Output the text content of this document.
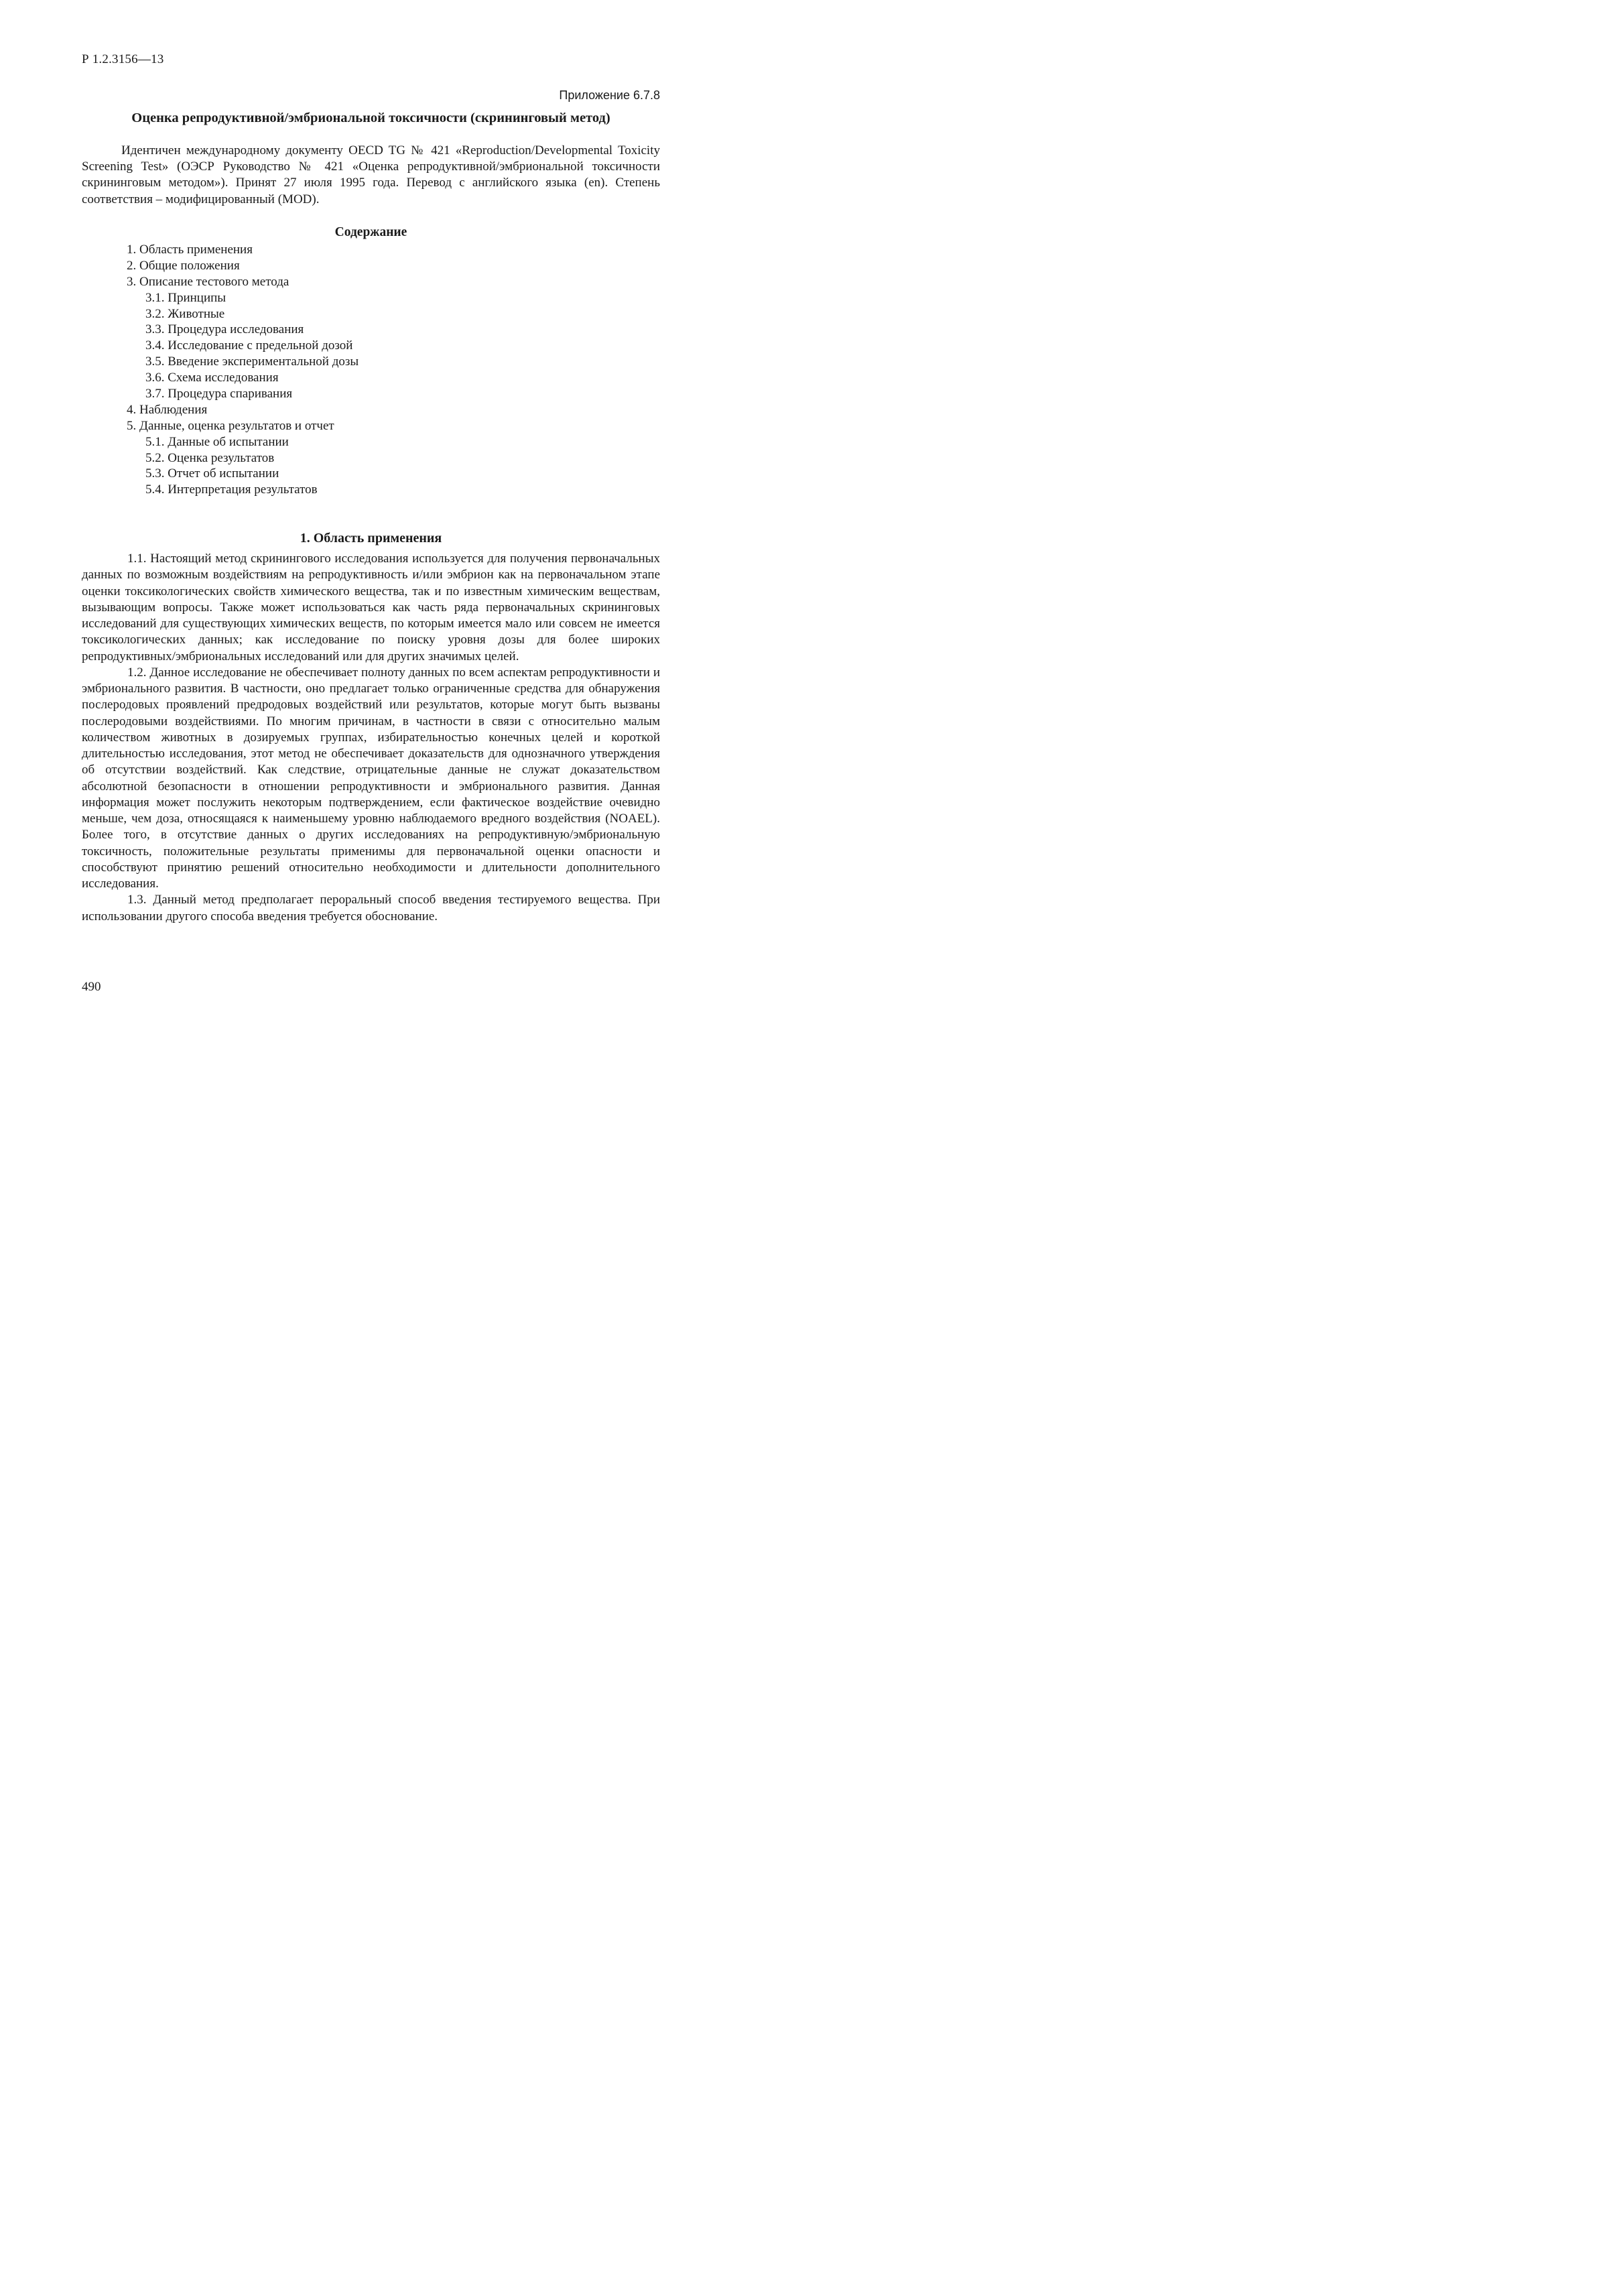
Р 1.2.3156—13
Приложение 6.7.8
Оценка репродуктивной/эмбриональной токсичности (скрининговый метод)

Идентичен международному документу OECD TG № 421 «Reproduction/Developmental Toxicity Screening Test» (ОЭСР Руководство № 421 «Оценка репродуктивной/эмбриональной токсичности скрининговым методом»). Принят 27 июля 1995 года. Перевод с английского языка (en). Степень соответствия – модифицированный (MOD).

Содержание
1. Область применения
2. Общие положения
3. Описание тестового метода
3.1. Принципы
3.2. Животные
3.3. Процедура исследования
3.4. Исследование с предельной дозой
3.5. Введение экспериментальной дозы
3.6. Схема исследования
3.7. Процедура спаривания
4. Наблюдения
5. Данные, оценка результатов и отчет
5.1. Данные об испытании
5.2. Оценка результатов
5.3. Отчет об испытании
5.4. Интерпретация результатов
1. Область применения

1.1. Настоящий метод скринингового исследования используется для получения первоначальных данных по возможным воздействиям на репродуктивность и/или эмбрион как на первоначальном этапе оценки токсикологических свойств химического вещества, так и по известным химическим веществам, вызывающим вопросы. Также может использоваться как часть ряда первоначальных скрининговых исследований для существующих химических веществ, по которым имеется мало или совсем не имеется токсикологических данных; как исследование по поиску уровня дозы для более широких репродуктивных/эмбриональных исследований или для других значимых целей.

1.2. Данное исследование не обеспечивает полноту данных по всем аспектам репродуктивности и эмбрионального развития. В частности, оно предлагает только ограниченные средства для обнаружения послеродовых проявлений предродовых воздействий или результатов, которые могут быть вызваны послеродовыми воздействиями. По многим причинам, в частности в связи с относительно малым количеством животных в дозируемых группах, избирательностью конечных целей и короткой длительностью исследования, этот метод не обеспечивает доказательств для однозначного утверждения об отсутствии воздействий. Как следствие, отрицательные данные не служат доказательством абсолютной безопасности в отношении репродуктивности и эмбрионального развития. Данная информация может послужить некоторым подтверждением, если фактическое воздействие очевидно меньше, чем доза, относящаяся к наименьшему уровню наблюдаемого вредного воздействия (NOAEL). Более того, в отсутствие данных о других исследованиях на репродуктивную/эмбриональную токсичность, положительные результаты применимы для первоначальной оценки опасности и способствуют принятию решений относительно необходимости и длительности дополнительного исследования.

1.3. Данный метод предполагает пероральный способ введения тестируемого вещества. При использовании другого способа введения требуется обоснование.

490
